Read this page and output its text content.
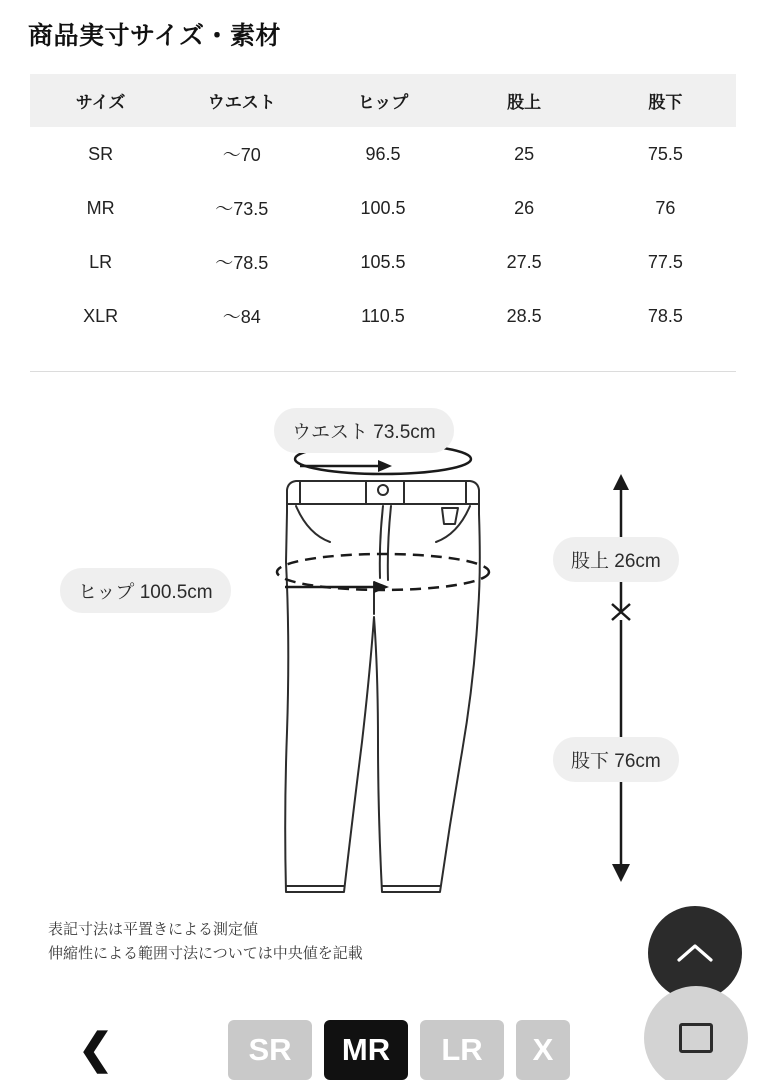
商品実寸サイズ・素材
サイズ	ウエスト	ヒップ	股上	股下
SR	〜70	96.5	25	75.5
MR	〜73.5	100.5	26	76
LR	〜78.5	105.5	27.5	77.5
XLR	〜84	110.5	28.5	78.5
ウエスト 73.5cm
ヒップ 100.5cm
股上 26cm
股下 76cm
表記寸法は平置きによる測定値
伸縮性による範囲寸法については中央値を記載
❮	SR	MR	LR	X
